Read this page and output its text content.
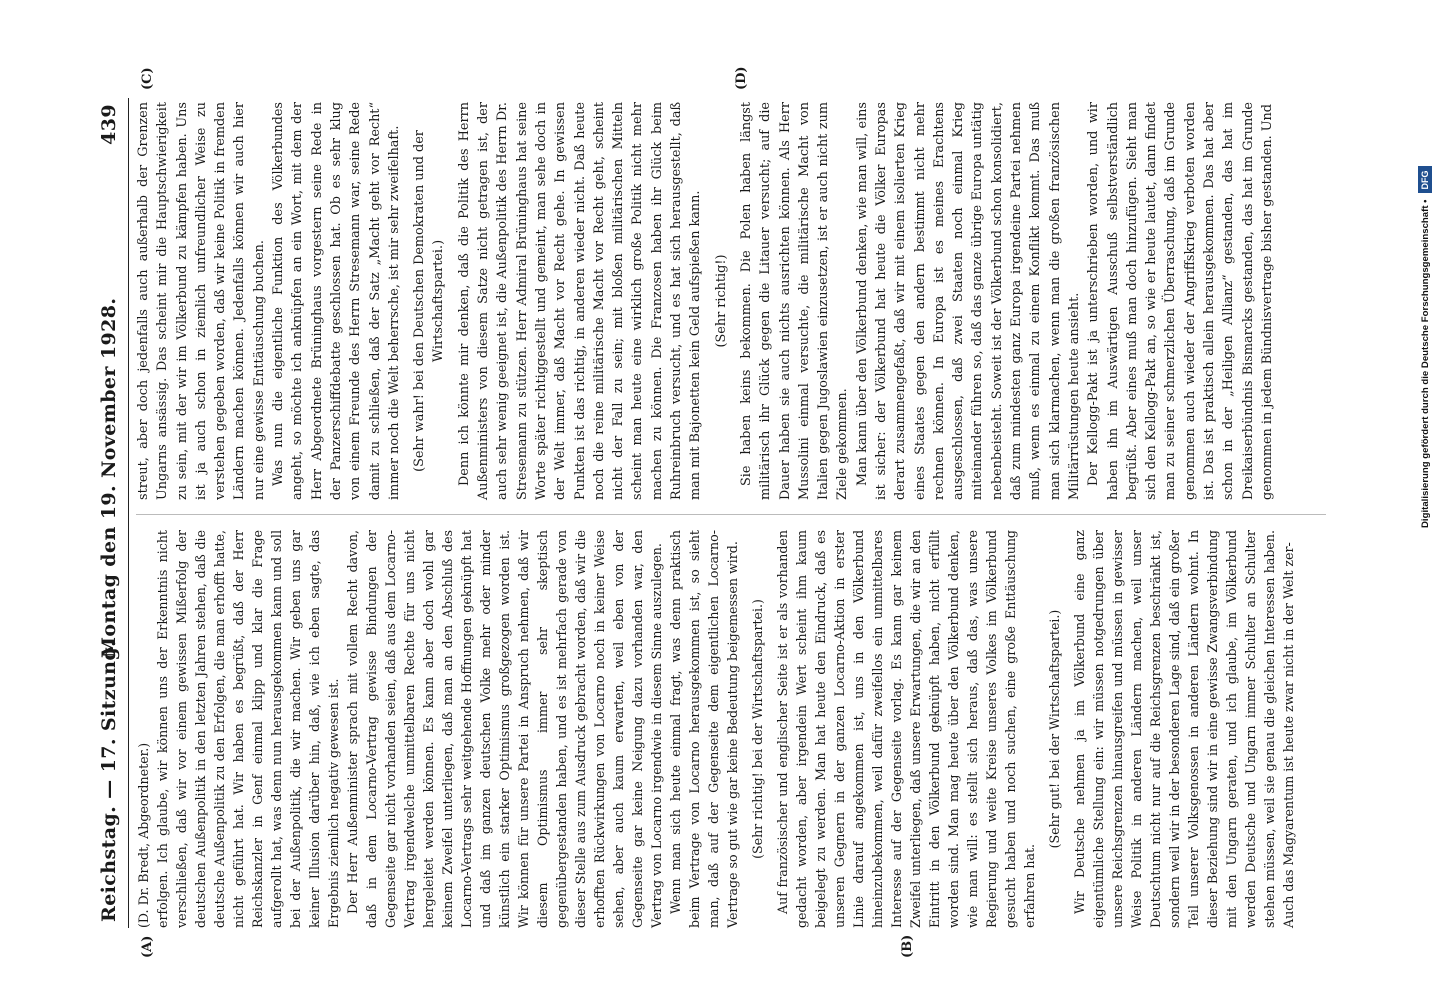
Reichstag. — 17. Sitzung.
Montag den 19. November 1928.
439
(A)	(B)
(C)	(D)

(D. Dr. Bredt, Abgeordneter.) erfolgen. Ich glaube, wir können uns der Erkenntnis nicht verschließen, daß wir vor einem gewissen Mißerfolg der deutschen Außenpolitik in den letzten Jahren stehen, daß die deutsche Außenpolitik zu den Erfolgen, die man erhofft hatte, nicht geführt hat. Wir haben es begrüßt, daß der Herr Reichskanzler in Genf einmal klipp und klar die Frage aufgerollt hat, was denn nun herausgekommen kann und soll bei der Außenpolitik, die wir machen. Wir geben uns gar keiner Illusion darüber hin, daß, wie ich eben sagte, das Ergebnis ziemlich negativ gewesen ist. Der Herr Außenminister sprach mit vollem Recht davon, daß in dem Locarno-Vertrag gewisse Bindungen der Gegenseite gar nicht vorhanden seien, daß aus dem Locarno-Vertrag irgendwelche unmittelbaren Rechte für uns nicht hergeleitet werden können. Es kann aber doch wohl gar keinem Zweifel unterliegen, daß man an den Abschluß des Locarno-Vertrags sehr weitgehende Hoffnungen geknüpft hat und daß im ganzen deutschen Volke mehr oder minder künstlich ein starker Optimismus großgezogen worden ist. Wir können für unsere Partei in Anspruch nehmen, daß wir diesem Optimismus immer sehr skeptisch gegenübergestanden haben, und es ist mehrfach gerade von dieser Stelle aus zum Ausdruck gebracht worden, daß wir die erhofften Rückwirkungen von Locarno noch in keiner Weise sehen, aber auch kaum erwarten, weil eben von der Gegenseite gar keine Neigung dazu vorhanden war, den Vertrag von Locarno irgendwie in diesem Sinne auszulegen. Wenn man sich heute einmal fragt, was denn praktisch beim Vertrage von Locarno herausgekommen ist, so sieht man, daß auf der Gegenseite dem eigentlichen Locarno-Vertrage so gut wie gar keine Bedeutung beigemessen wird. (Sehr richtig! bei der Wirtschaftspartei.) Auf französischer und englischer Seite ist er als vorhanden gedacht worden, aber irgendein Wert scheint ihm kaum beigelegt zu werden. Man hat heute den Eindruck, daß es unseren Gegnern in der ganzen Locarno-Aktion in erster Linie darauf angekommen ist, uns in den Völkerbund hineinzubekommen, weil dafür zweifellos ein unmittelbares Interesse auf der Gegenseite vorlag. Es kann gar keinem Zweifel unterliegen, daß unsere Erwartungen, die wir an den Eintritt in den Völkerbund geknüpft haben, nicht erfüllt worden sind. Man mag heute über den Völkerbund denken, wie man will: es stellt sich heraus, daß das, was unsere Regierung und weite Kreise unseres Volkes im Völkerbund gesucht haben und noch suchen, eine große Enttäuschung erfahren hat.

(Sehr gut! bei der Wirtschaftspartei.) Wir Deutsche nehmen ja im Völkerbund eine ganz eigentümliche Stellung ein: wir müssen notgedrungen über unsere Reichsgrenzen hinausgreifen und müssen in gewisser Weise Politik in anderen Ländern machen, weil unser Deutschtum nicht nur auf die Reichsgrenzen beschränkt ist, sondern weil wir in der besonderen Lage sind, daß ein großer Teil unserer Volksgenossen in anderen Ländern wohnt. In dieser Beziehung sind wir in eine gewisse Zwangsverbindung mit den Ungarn geraten, und ich glaube, im Völkerbund werden Deutsche und Ungarn immer Schulter an Schulter stehen müssen, weil sie genau die gleichen Interessen haben. Auch das Magyarentum ist heute zwar nicht in der Welt zer-

streut, aber doch jedenfalls auch außerhalb der Grenzen Ungarns ansässig. Das scheint mir die Hauptschwierigkeit zu sein, mit der wir im Völkerbund zu kämpfen haben. Uns ist ja auch schon in ziemlich unfreundlicher Weise zu verstehen gegeben worden, daß wir keine Politik in fremden Ländern machen können. Jedenfalls können wir auch hier nur eine gewisse Enttäuschung buchen. Was nun die eigentliche Funktion des Völkerbundes angeht, so möchte ich anknüpfen an ein Wort, mit dem der Herr Abgeordnete Brüninghaus vorgestern seine Rede in der Panzerschiffdebatte geschlossen hat. Ob es sehr klug von einem Freunde des Herrn Stresemann war, seine Rede damit zu schließen, daß der Satz „Macht geht vor Recht“ immer noch die Welt beherrsche, ist mir sehr zweifelhaft. (Sehr wahr! bei den Deutschen Demokraten und der Wirtschaftspartei.) Denn ich könnte mir denken, daß die Politik des Herrn Außenministers von diesem Satze nicht getragen ist, der auch sehr wenig geeignet ist, die Außenpolitik des Herrn Dr. Stresemann zu stützen. Herr Admiral Brüninghaus hat seine Worte später richtiggestellt und gemeint, man sehe doch in der Welt immer, daß Macht vor Recht gehe. In gewissen Punkten ist das richtig, in anderen wieder nicht. Daß heute noch die reine militärische Macht vor Recht geht, scheint nicht der Fall zu sein; mit bloßen militärischen Mitteln scheint man heute eine wirklich große Politik nicht mehr machen zu können. Die Franzosen haben ihr Glück beim Ruhreinbruch versucht, und es hat sich herausgestellt, daß man mit Bajonetten kein Geld aufspießen kann. (Sehr richtig!) Sie haben keins bekommen. Die Polen haben längst militärisch ihr Glück gegen die Litauer versucht; auf die Dauer haben sie auch nichts ausrichten können. Als Herr Mussolini einmal versuchte, die militärische Macht von Italien gegen Jugoslawien einzusetzen, ist er auch nicht zum Ziele gekommen. Man kann über den Völkerbund denken, wie man will, eins ist sicher: der Völkerbund hat heute die Völker Europas derart zusammengefaßt, daß wir mit einem isolierten Krieg eines Staates gegen den andern bestimmt nicht mehr rechnen können. In Europa ist es meines Erachtens ausgeschlossen, daß zwei Staaten noch einmal Krieg miteinander führen so, daß das ganze übrige Europa untätig nebenbeisteht. Soweit ist der Völkerbund schon konsolidiert, daß zum mindesten ganz Europa irgendeine Partei nehmen muß, wenn es einmal zu einem Konflikt kommt. Das muß man sich klarmachen, wenn man die großen französischen Militärrüstungen heute ansieht. Der Kellogg-Pakt ist ja unterschrieben worden, und wir haben ihn im Auswärtigen Ausschuß selbstverständlich begrüßt. Aber eines muß man doch hinzufügen. Sieht man sich den Kellogg-Pakt an, so wie er heute lautet, dann findet man zu seiner schmerzlichen Überraschung, daß im Grunde genommen auch wieder der Angriffskrieg verboten worden ist. Das ist praktisch allein herausgekommen. Das hat aber schon in der „Heiligen Allianz“ gestanden, das hat im Dreikaiserbündnis Bismarcks gestanden, das hat im Grunde genommen in jedem Bündnisvertrage bisher gestanden. Und	Digitalisierung gefördert durch die Deutsche Forschungsgemeinschaft •DFG
